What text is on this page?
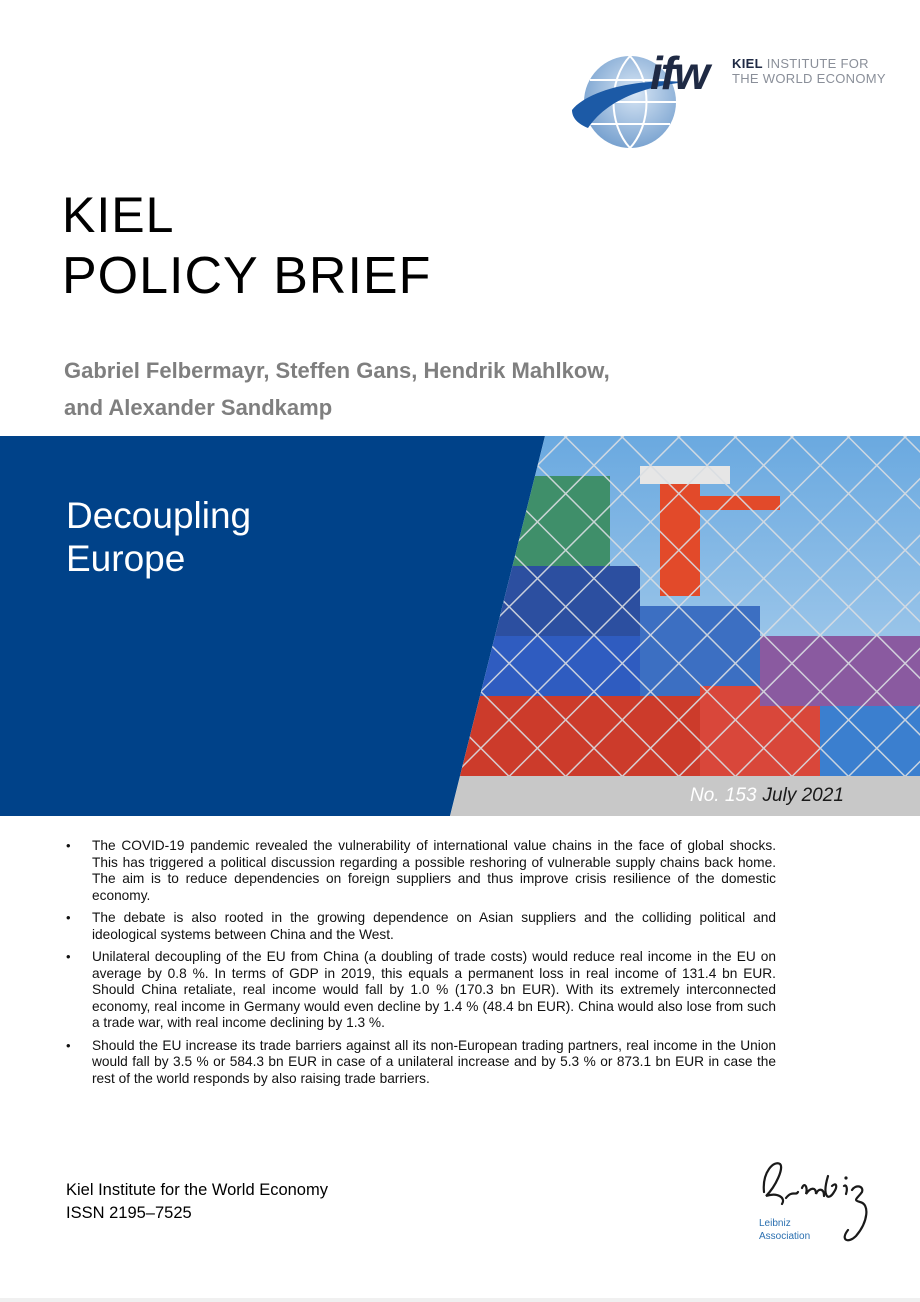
ifw KIEL INSTITUTE FOR
THE WORLD ECONOMY
KIEL
POLICY BRIEF
Gabriel Felbermayr, Steffen Gans, Hendrik Mahlkow,
and Alexander Sandkamp
Decoupling
Europe
No. 153 July 2021
• The COVID-19 pandemic revealed the vulnerability of international value chains in the face of global shocks. This has triggered a political discussion regarding a possible reshoring of vulnerable supply chains back home. The aim is to reduce dependencies on foreign suppliers and thus improve crisis resilience of the domestic economy.
• The debate is also rooted in the growing dependence on Asian suppliers and the colliding political and ideological systems between China and the West.
• Unilateral decoupling of the EU from China (a doubling of trade costs) would reduce real income in the EU on average by 0.8 %. In terms of GDP in 2019, this equals a permanent loss in real income of 131.4 bn EUR. Should China retaliate, real income would fall by 1.0 % (170.3 bn EUR). With its extremely interconnected economy, real income in Germany would even decline by 1.4 % (48.4 bn EUR). China would also lose from such a trade war, with real income declining by 1.3 %.
• Should the EU increase its trade barriers against all its non-European trading partners, real income in the Union would fall by 3.5 % or 584.3 bn EUR in case of a unilateral increase and by 5.3 % or 873.1 bn EUR in case the rest of the world responds by also raising trade barriers.
Kiel Institute for the World Economy
ISSN 2195–7525
Leibniz
Association
